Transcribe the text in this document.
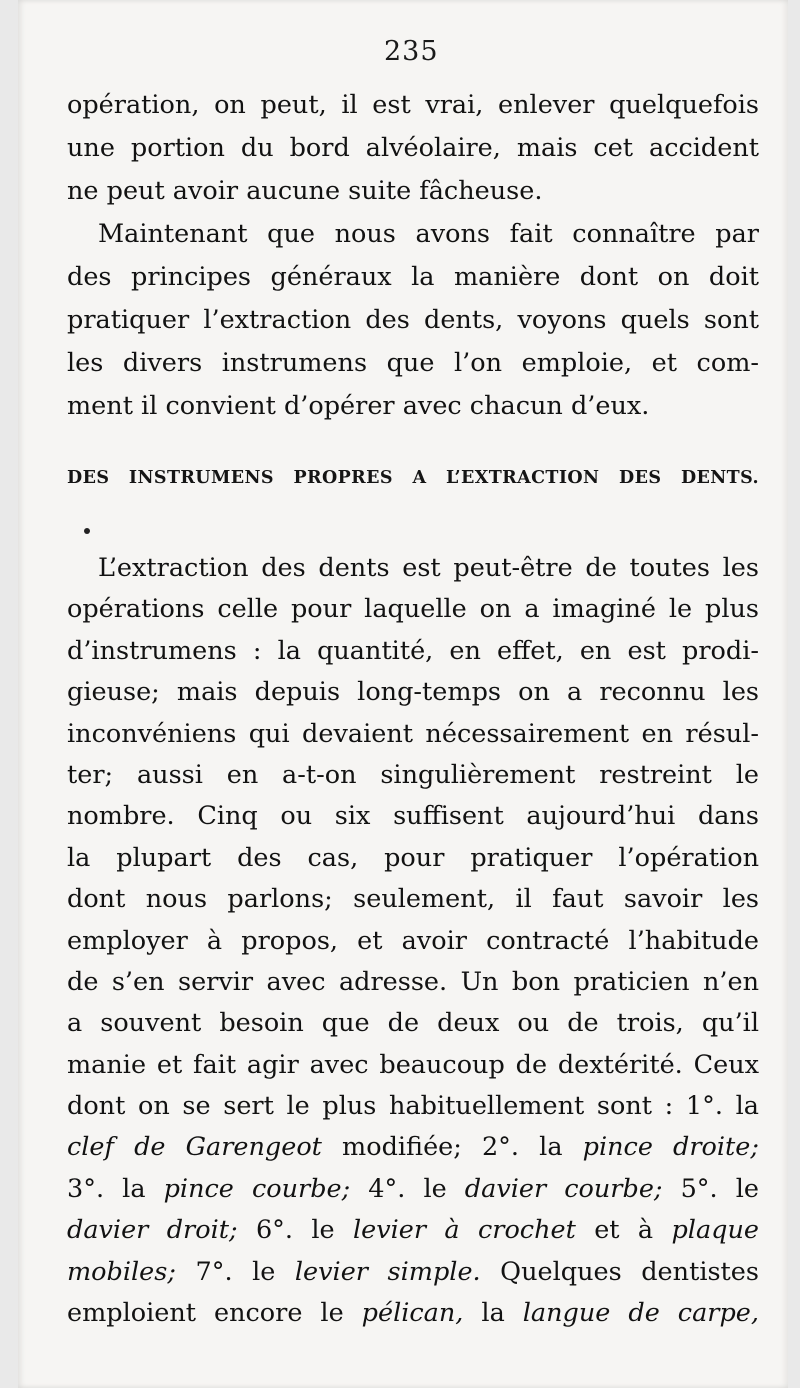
235
opération, on peut, il est vrai, enlever quelquefois
une portion du bord alvéolaire, mais cet accident
ne peut avoir aucune suite fâcheuse.
Maintenant que nous avons fait connaître par
des principes généraux la manière dont on doit
pratiquer l’extraction des dents, voyons quels sont
les divers instrumens que l’on emploie, et com-
ment il convient d’opérer avec chacun d’eux.
DES INSTRUMENS PROPRES A L’EXTRACTION DES DENTS.
L’extraction des dents est peut-être de toutes les
opérations celle pour laquelle on a imaginé le plus
d’instrumens : la quantité, en effet, en est prodi-
gieuse; mais depuis long-temps on a reconnu les
inconvéniens qui devaient nécessairement en résul-
ter; aussi en a-t-on singulièrement restreint le
nombre. Cinq ou six suffisent aujourd’hui dans
la plupart des cas, pour pratiquer l’opération
dont nous parlons; seulement, il faut savoir les
employer à propos, et avoir contracté l’habitude
de s’en servir avec adresse. Un bon praticien n’en
a souvent besoin que de deux ou de trois, qu’il
manie et fait agir avec beaucoup de dextérité. Ceux
dont on se sert le plus habituellement sont : 1°. la
clef de Garengeot modifiée; 2°. la pince droite;
3°. la pince courbe; 4°. le davier courbe; 5°. le
davier droit; 6°. le levier à crochet et à plaque
mobiles; 7°. le levier simple. Quelques dentistes
emploient encore le pélican, la langue de carpe,
